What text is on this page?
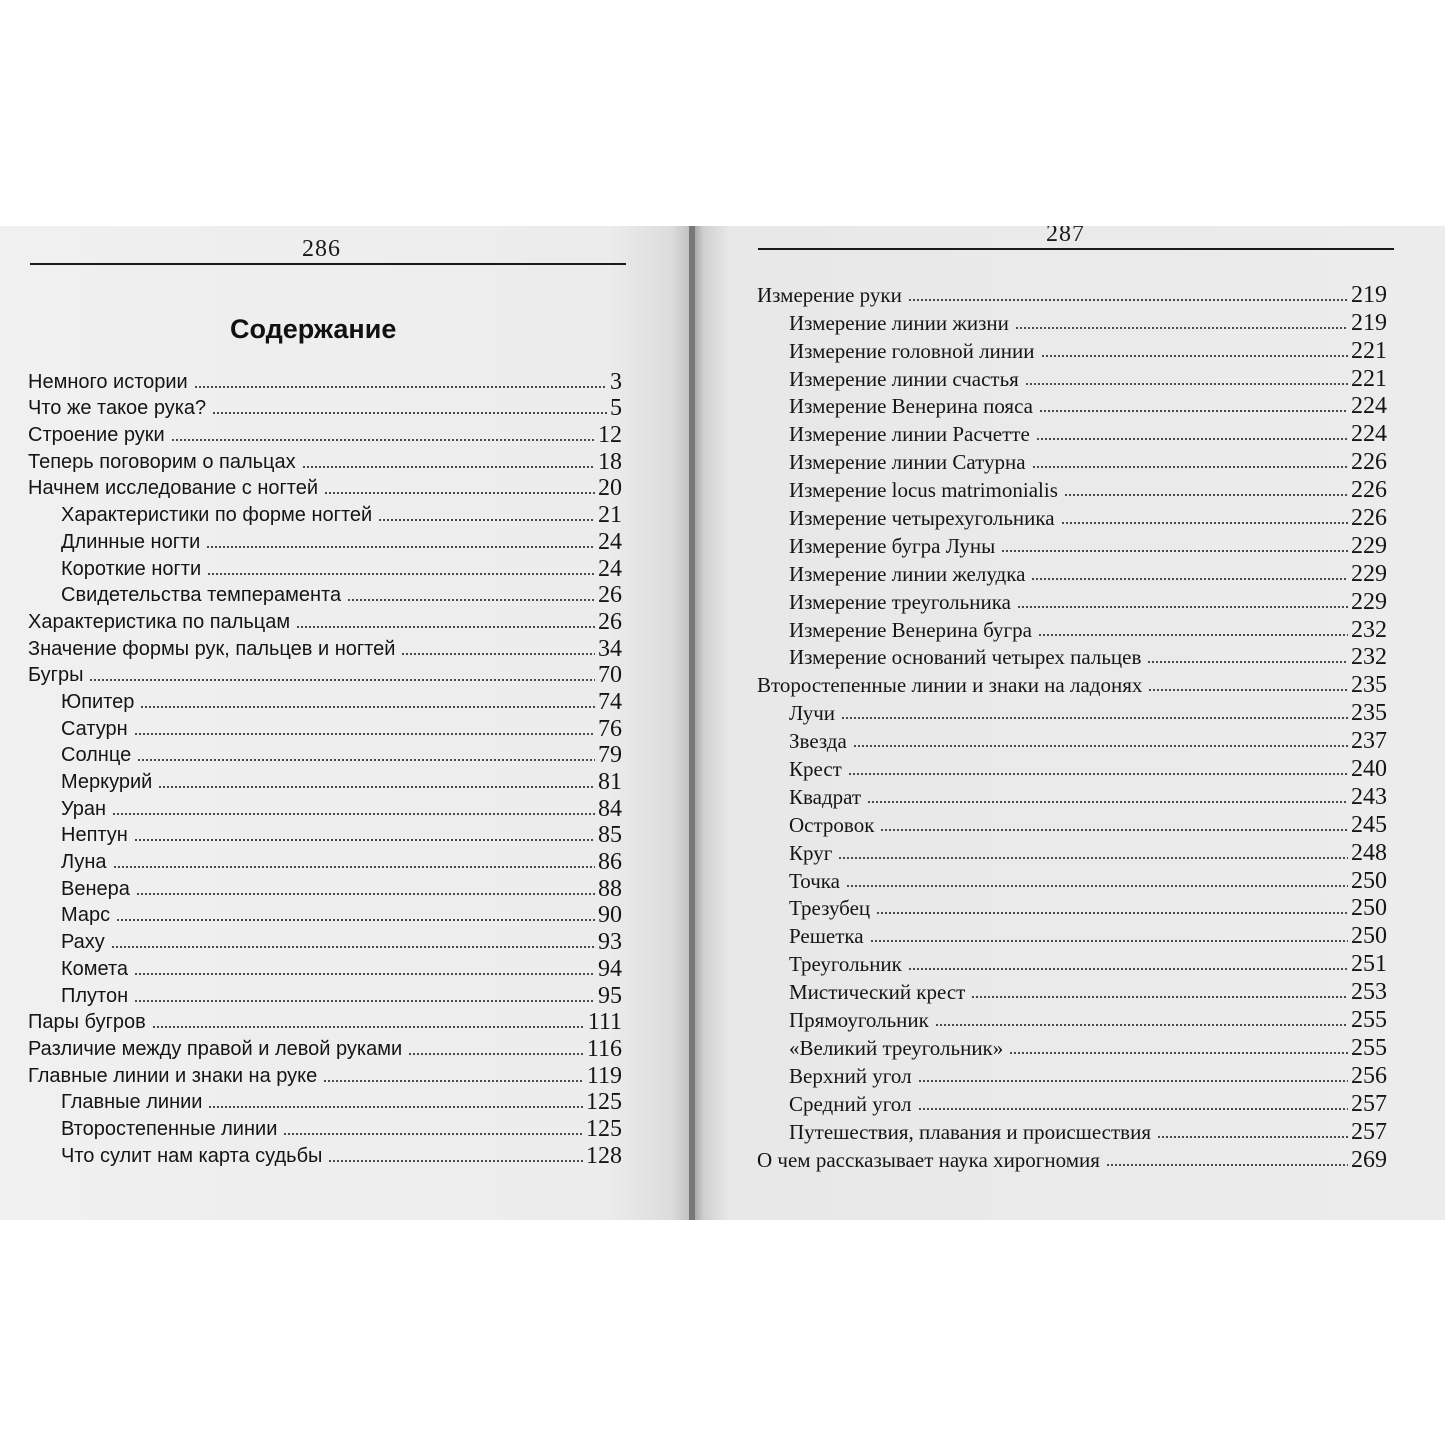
286
Содержание
Немного истории	3
Что же такое рука?	5
Строение руки	12
Теперь поговорим о пальцах	18
Начнем исследование с ногтей	20
Характеристики по форме ногтей	21
Длинные ногти	24
Короткие ногти	24
Свидетельства темперамента	26
Характеристика по пальцам	26
Значение формы рук, пальцев и ногтей	34
Бугры	70
Юпитер	74
Сатурн	76
Солнце	79
Меркурий	81
Уран	84
Нептун	85
Луна	86
Венера	88
Марс	90
Раху	93
Комета	94
Плутон	95
Пары бугров	111
Различие между правой и левой руками	116
Главные линии и знаки на руке	119
Главные линии	125
Второстепенные линии	125
Что сулит нам карта судьбы	128
287
Измерение руки	219
Измерение линии жизни	219
Измерение головной линии	221
Измерение линии счастья	221
Измерение Венерина пояса	224
Измерение линии Расчетте	224
Измерение линии Сатурна	226
Измерение locus matrimonialis	226
Измерение четырехугольника	226
Измерение бугра Луны	229
Измерение линии желудка	229
Измерение треугольника	229
Измерение Венерина бугра	232
Измерение оснований четырех пальцев	232
Второстепенные линии и знаки на ладонях	235
Лучи	235
Звезда	237
Крест	240
Квадрат	243
Островок	245
Круг	248
Точка	250
Трезубец	250
Решетка	250
Треугольник	251
Мистический крест	253
Прямоугольник	255
«Великий треугольник»	255
Верхний угол	256
Средний угол	257
Путешествия, плавания и происшествия	257
О чем рассказывает наука хирогномия	269
